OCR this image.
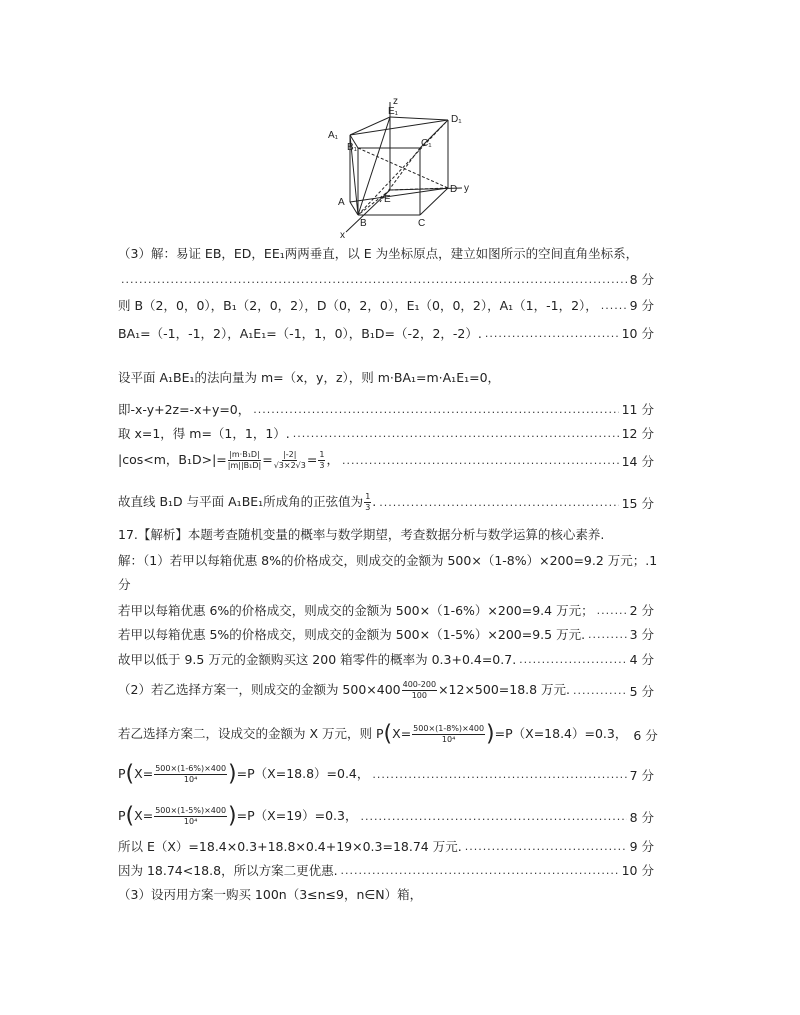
z
E₁
D₁
A₁
B₁	C₁
E
D y
A
B	C
x
（3）解：易证 EB，ED，EE₁两两垂直，以 E 为坐标原点，建立如图所示的空间直角坐标系，
.....
8 分
则 B（2，0，0），B₁（2，0，2），D（0，2，0），E₁（0，0，2），A₁（1，-1，2）， .....	9 分
BA₁=（-1，-1，2），A₁E₁=（-1，1，0），B₁D=（-2，2，-2）. .....	10 分
设平面 A₁BE₁的法向量为 m=（x，y，z），则 m·BA₁=m·A₁E₁=0，
即-x-y+2z=-x+y=0， .....	11 分
取 x=1，得 m=（1，1，1）. .....	12 分
|cos<m，$B_1D>|= \frac{\text{|m·B₁D|}}{\text{|m||B₁D|}} = \frac{|-2|}{√3\times 2√3} = \frac{1}{3}$ ， .....	14 分
故直线 B₁D 与平面 A₁BE₁所成角的正弦值为 $\frac{1}{3}$ . .....	15 分
17.【解析】本题考查随机变量的概率与数学期望，考查数据分析与数学运算的核心素养.
解：（1）若甲以每箱优惠 8%的价格成交，则成交的金额为 500×（1-8%）×200=9.2 万元；.1
分
若甲以每箱优惠 6%的价格成交，则成交的金额为 500×（1-6%）×200=9.4 万元； .....	2 分
若甲以每箱优惠 5%的价格成交，则成交的金额为 500×（1-5%）×200=9.5 万元. .....	3 分
故甲以低于 9.5 万元的金额购买这 200 箱零件的概率为 0.3+0.4=0.7. .....	4 分
（2）若乙选择方案一，则成交的金额为 $500\times 400 \frac{400-200}{100} \times 12\times 500=18.8$ 万元. .....	5 分
若乙选择方案二，设成交的金额为 X 万元，则 $P(X= \frac{500\times(1-8\%)\times 400}{\text{10⁴}} )=P(X=18.4)=0.3$， 6 分
$P(X= \frac{500\times(1-6\%)\times 400}{\text{10⁴}} )=P(X=18.8)=0.4$， .....	7 分
$P(X= \frac{500\times(1-5\%)\times 400}{\text{10⁴}} )=P(X=19)=0.3$， .....	8 分
所以 E（X）=18.4×0.3+18.8×0.4+19×0.3=18.74 万元. .....	9 分
因为 18.74<18.8，所以方案二更优惠. .....	10 分
（3）设丙用方案一购买 100n（3≤n≤9，n∈N）箱，
